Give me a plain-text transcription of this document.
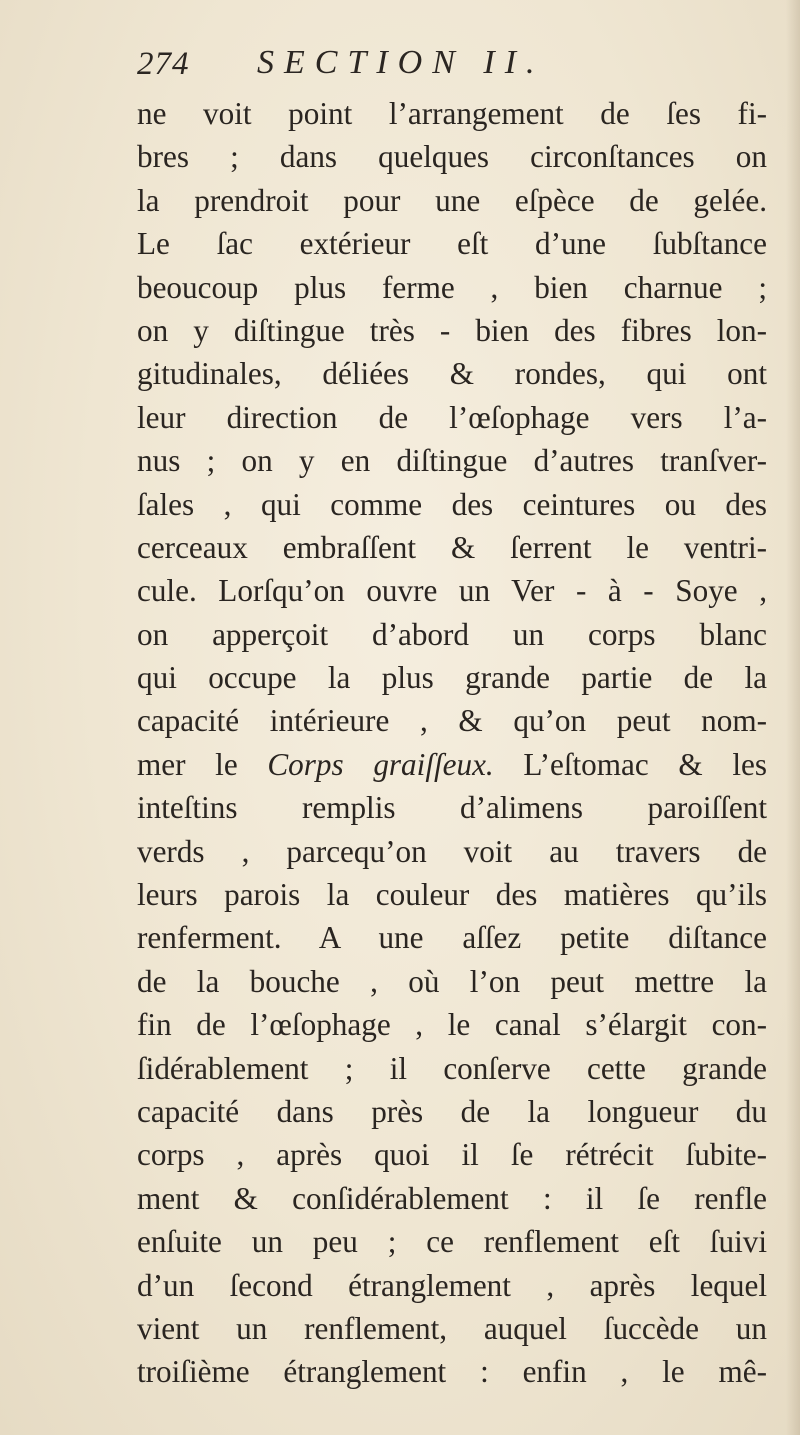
274 SECTION II.
ne voit point l’arrangement de ſes fi-
bres ; dans quelques circonſtances on
la prendroit pour une eſpèce de gelée.
Le ſac extérieur eſt d’une ſubſtance
beoucoup plus ferme , bien charnue ;
on y diſtingue très - bien des fibres lon-
gitudinales, déliées & rondes, qui ont
leur direction de l’œſophage vers l’a-
nus ; on y en diſtingue d’autres tranſver-
ſales , qui comme des ceintures ou des
cerceaux embraſſent & ſerrent le ventri-
cule. Lorſqu’on ouvre un Ver - à - Soye ,
on apperçoit d’abord un corps blanc
qui occupe la plus grande partie de la
capacité intérieure , & qu’on peut nom-
mer le Corps graiſſeux. L’eſtomac & les
inteſtins remplis d’alimens paroiſſent
verds , parcequ’on voit au travers de
leurs parois la couleur des matières qu’ils
renferment. A une aſſez petite diſtance
de la bouche , où l’on peut mettre la
fin de l’œſophage , le canal s’élargit con-
ſidérablement ; il conſerve cette grande
capacité dans près de la longueur du
corps , après quoi il ſe rétrécit ſubite-
ment & conſidérablement : il ſe renfle
enſuite un peu ; ce renflement eſt ſuivi
d’un ſecond étranglement , après lequel
vient un renflement, auquel ſuccède un
troiſième étranglement : enfin , le mê-
